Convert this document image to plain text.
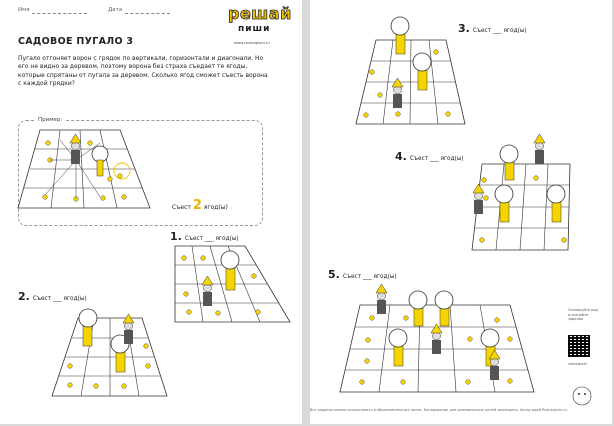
Имя	Дата	решай
пиши
www.reshaipishi.ru
САДОВОЕ ПУГАЛО 3
Пугало отгоняет ворон с грядок по вертикали, горизонтали и диагонали. Но его не видно за деревом, поэтому ворона без страха съедает те ягоды, которые спрятаны от пугала за деревом. Сколько ягод сможет съесть ворона с каждой грядки?
Пример:
Съест 2 ягод(ы)
1. Съест ___ ягод(ы)
2. Съест ___ ягод(ы)
3. Съест ___ ягод(ы)
4. Съест ___ ягод(ы)
5. Съест ___ ягод(ы)
Сканируйте код и скачайте задания
reshaipishi
Все задания можно использовать в образовательных целях. Копирование для коммерческих целей запрещено. Автор идей Reshaipishi.ru
